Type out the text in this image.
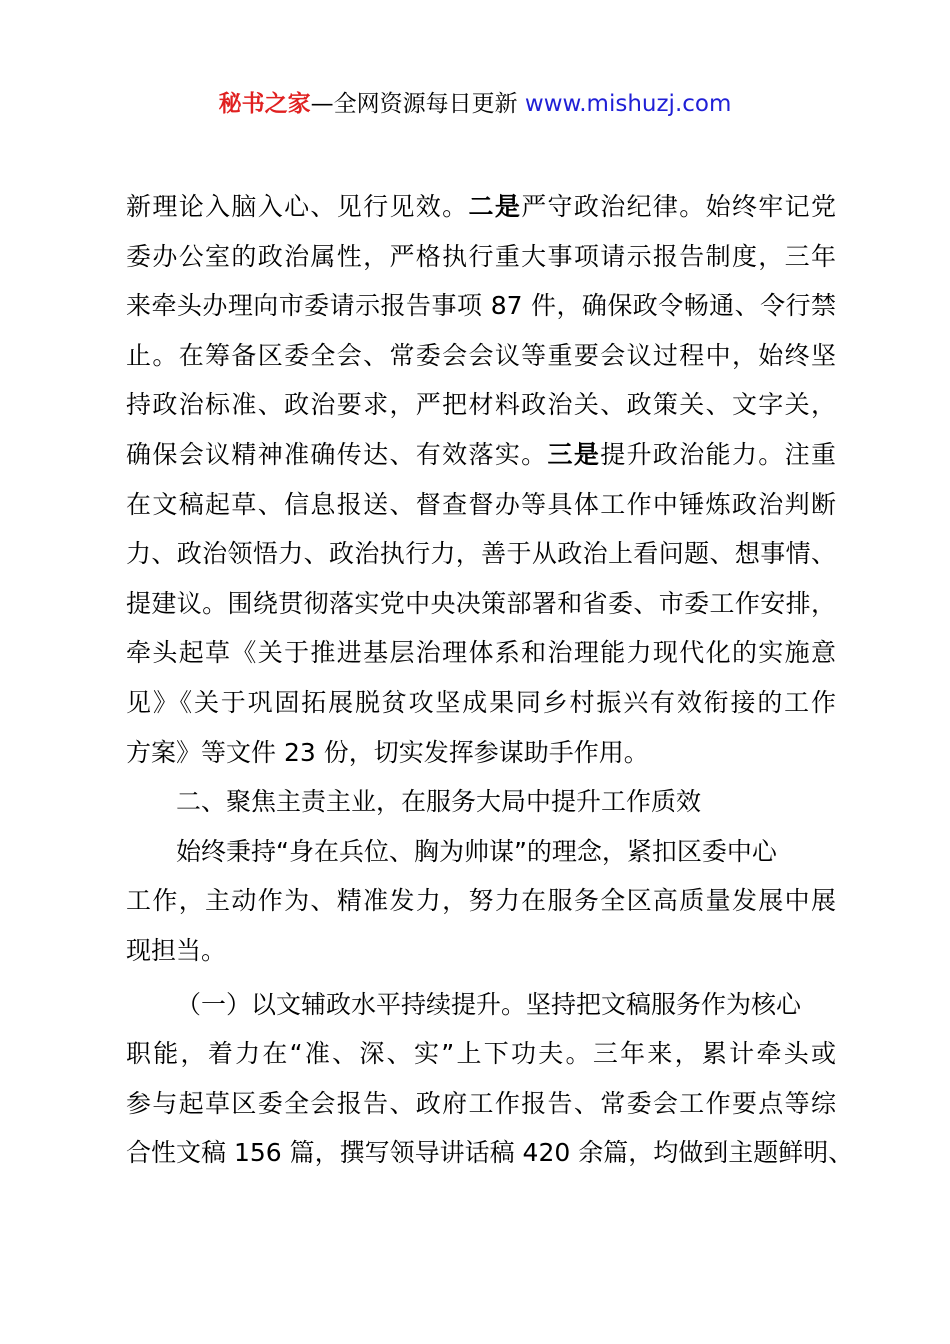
秘书之家—全网资源每日更新 www.mishuzj.com
新理论入脑入心、见行见效。二是严守政治纪律。始终牢记党
委办公室的政治属性，严格执行重大事项请示报告制度，三年
来牵头办理向市委请示报告事项 87 件，确保政令畅通、令行禁
止。在筹备区委全会、常委会会议等重要会议过程中，始终坚
持政治标准、政治要求，严把材料政治关、政策关、文字关，
确保会议精神准确传达、有效落实。三是提升政治能力。注重
在文稿起草、信息报送、督查督办等具体工作中锤炼政治判断
力、政治领悟力、政治执行力，善于从政治上看问题、想事情、
提建议。围绕贯彻落实党中央决策部署和省委、市委工作安排，
牵头起草《关于推进基层治理体系和治理能力现代化的实施意
见》《关于巩固拓展脱贫攻坚成果同乡村振兴有效衔接的工作
方案》等文件 23 份，切实发挥参谋助手作用。
二、聚焦主责主业，在服务大局中提升工作质效
始终秉持“身在兵位、胸为帅谋”的理念，紧扣区委中心
工作，主动作为、精准发力，努力在服务全区高质量发展中展
现担当。
（一）以文辅政水平持续提升。坚持把文稿服务作为核心
职能，着力在“准、深、实”上下功夫。三年来，累计牵头或
参与起草区委全会报告、政府工作报告、常委会工作要点等综
合性文稿 156 篇，撰写领导讲话稿 420 余篇，均做到主题鲜明、
